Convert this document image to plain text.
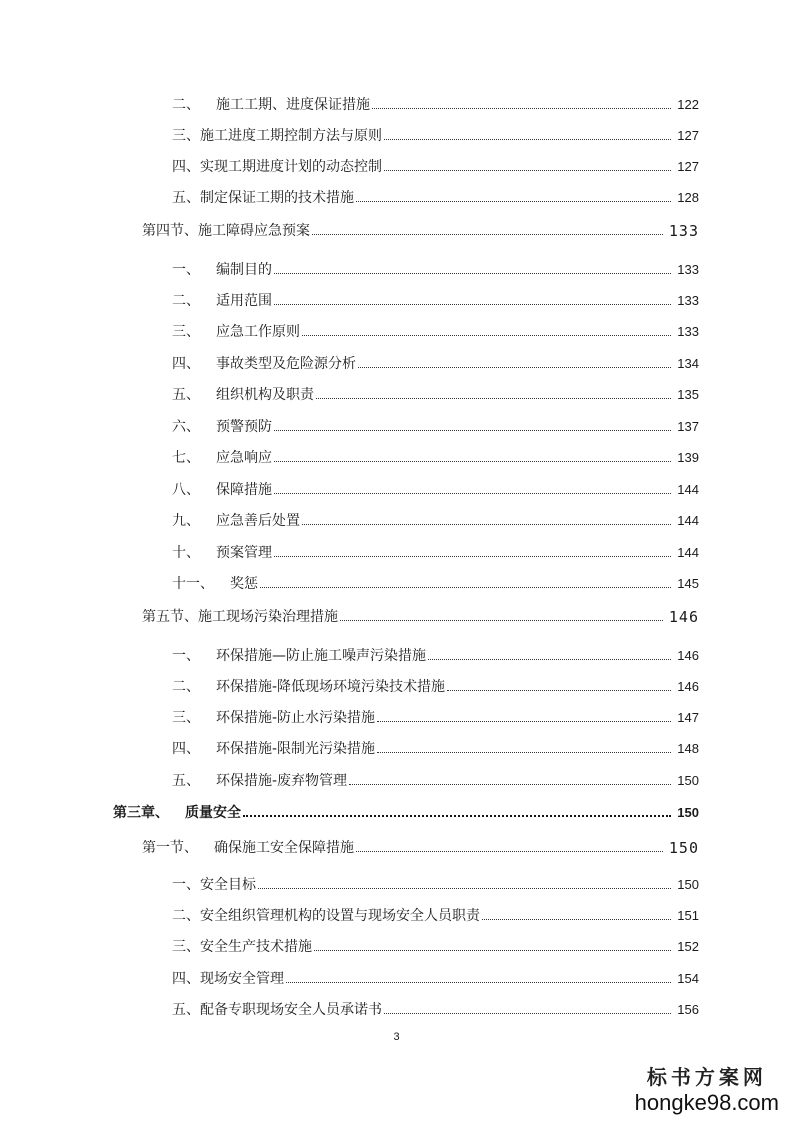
二、 施工工期、进度保证措施	122
三、施工进度工期控制方法与原则	127
四、实现工期进度计划的动态控制	127
五、制定保证工期的技术措施	128
第四节、施工障碍应急预案	133
一、 编制目的	133
二、 适用范围	133
三、 应急工作原则	133
四、 事故类型及危险源分析	134
五、 组织机构及职责	135
六、 预警预防	137
七、 应急响应	139
八、 保障措施	144
九、 应急善后处置	144
十、 预案管理	144
十一、 奖惩	145
第五节、施工现场污染治理措施	146
一、 环保措施—防止施工噪声污染措施	146
二、 环保措施-降低现场环境污染技术措施	146
三、 环保措施-防止水污染措施	147
四、 环保措施-限制光污染措施	148
五、 环保措施-废弃物管理	150
第三章、 质量安全	150
第一节、 确保施工安全保障措施	150
一、安全目标	150
二、安全组织管理机构的设置与现场安全人员职责	151
三、安全生产技术措施	152
四、现场安全管理	154
五、配备专职现场安全人员承诺书	156
3
标书方案网
hongke98.com
